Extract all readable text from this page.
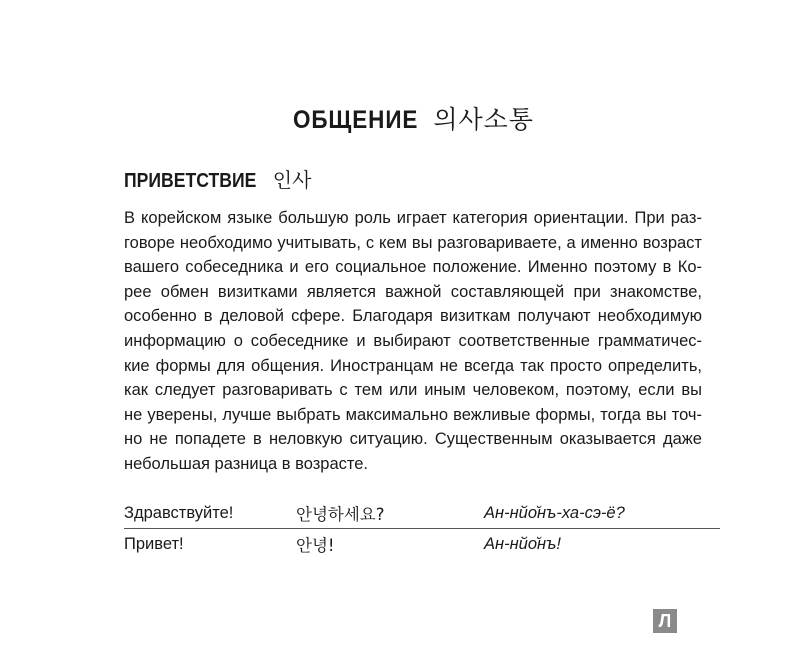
ОБЩЕНИЕ 의사소통
ПРИВЕТСТВИЕ 인사

В корейском языке большую роль играет категория ориентации. При разговоре необходимо учитывать, с кем вы разговариваете, а именно возраст вашего собеседника и его социальное положение. Именно поэтому в Корее обмен визитками является важной составляющей при знакомстве, особенно в деловой сфере. Благодаря визиткам получают необходимую информацию о собеседнике и выбирают соответственные грамматические формы для общения. Иностранцам не всегда так просто определить, как следует разговаривать с тем или иным человеком, поэтому, если вы не уверены, лучше выбрать максимально вежливые формы, тогда вы точно не попадете в неловкую ситуацию. Существенным оказывается даже небольшая разница в возрасте.

Здравствуйте!	안녕하세요?	Ан-нйо̆нъ-ха-сэ-ё?
Привет!	안녕!	Ан-нйо̆нъ!
Л
